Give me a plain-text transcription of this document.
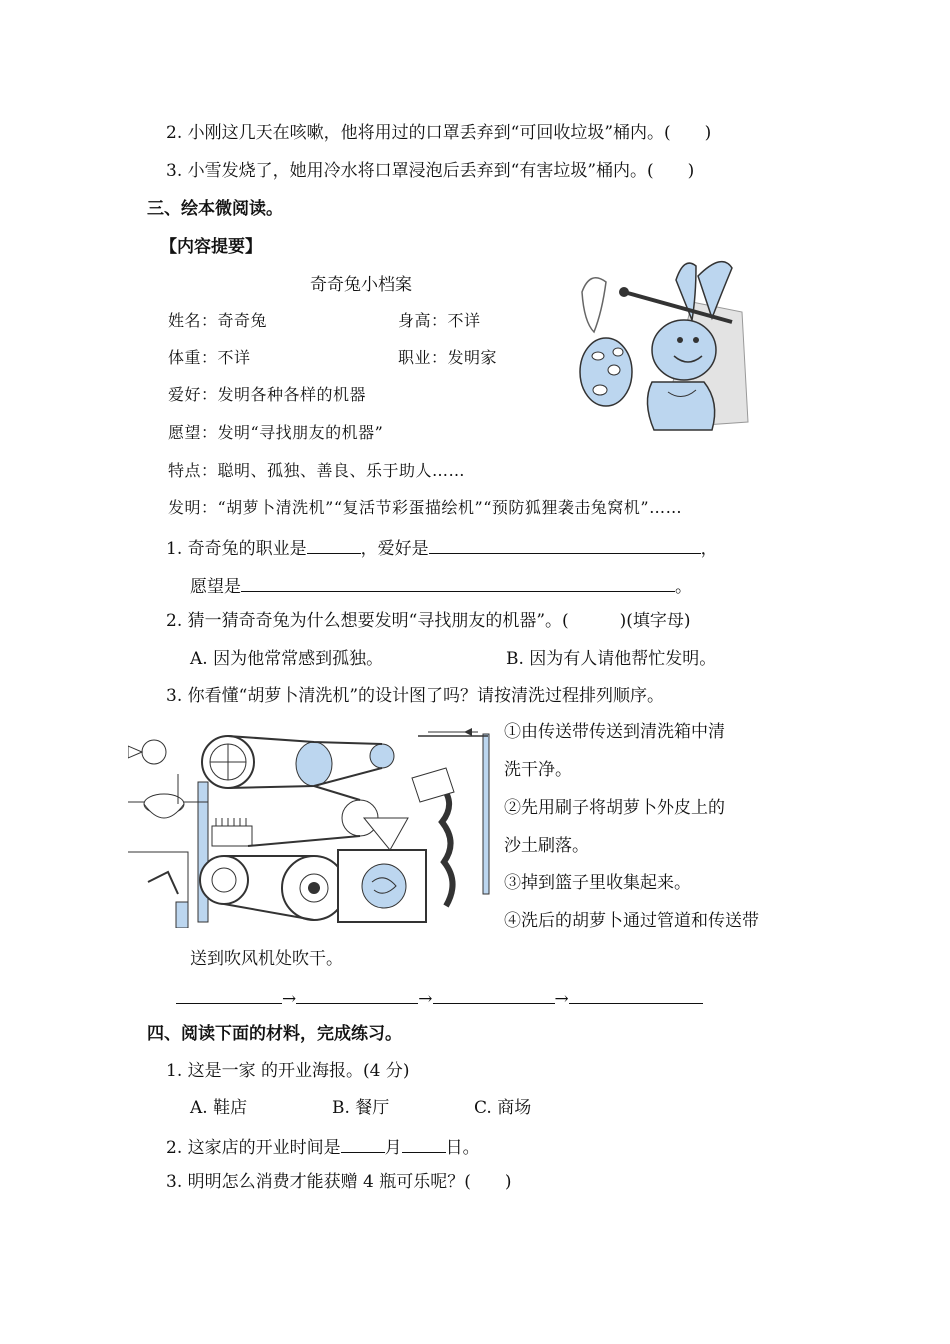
2. 小刚这几天在咳嗽，他将用过的口罩丢弃到“可回收垃圾”桶内。(　　)
3. 小雪发烧了，她用冷水将口罩浸泡后丢弃到“有害垃圾”桶内。(　　)
三、绘本微阅读。
【内容提要】
奇奇兔小档案
姓名：奇奇兔	身高：不详
体重：不详	职业：发明家
爱好：发明各种各样的机器
愿望：发明“寻找朋友的机器”
特点：聪明、孤独、善良、乐于助人……
发明：“胡萝卜清洗机”“复活节彩蛋描绘机”“预防狐狸袭击兔窝机”……
1. 奇奇兔的职业是	，爱好是	，
愿望是	。
2. 猜一猜奇奇兔为什么想要发明“寻找朋友的机器”。(　　　)(填字母)
A. 因为他常常感到孤独。	B. 因为有人请他帮忙发明。
3. 你看懂“胡萝卜清洗机”的设计图了吗？请按清洗过程排列顺序。
①由传送带传送到清洗箱中清
洗干净。
②先用刷子将胡萝卜外皮上的
沙土刷落。
③掉到篮子里收集起来。
④洗后的胡萝卜通过管道和传送带
送到吹风机处吹干。
→	→	→
四、阅读下面的材料，完成练习。
1. 这是一家 的开业海报。(4 分)
A. 鞋店	B. 餐厅	C. 商场
2. 这家店的开业时间是	月	日。
3. 明明怎么消费才能获赠 4 瓶可乐呢？(　　)
